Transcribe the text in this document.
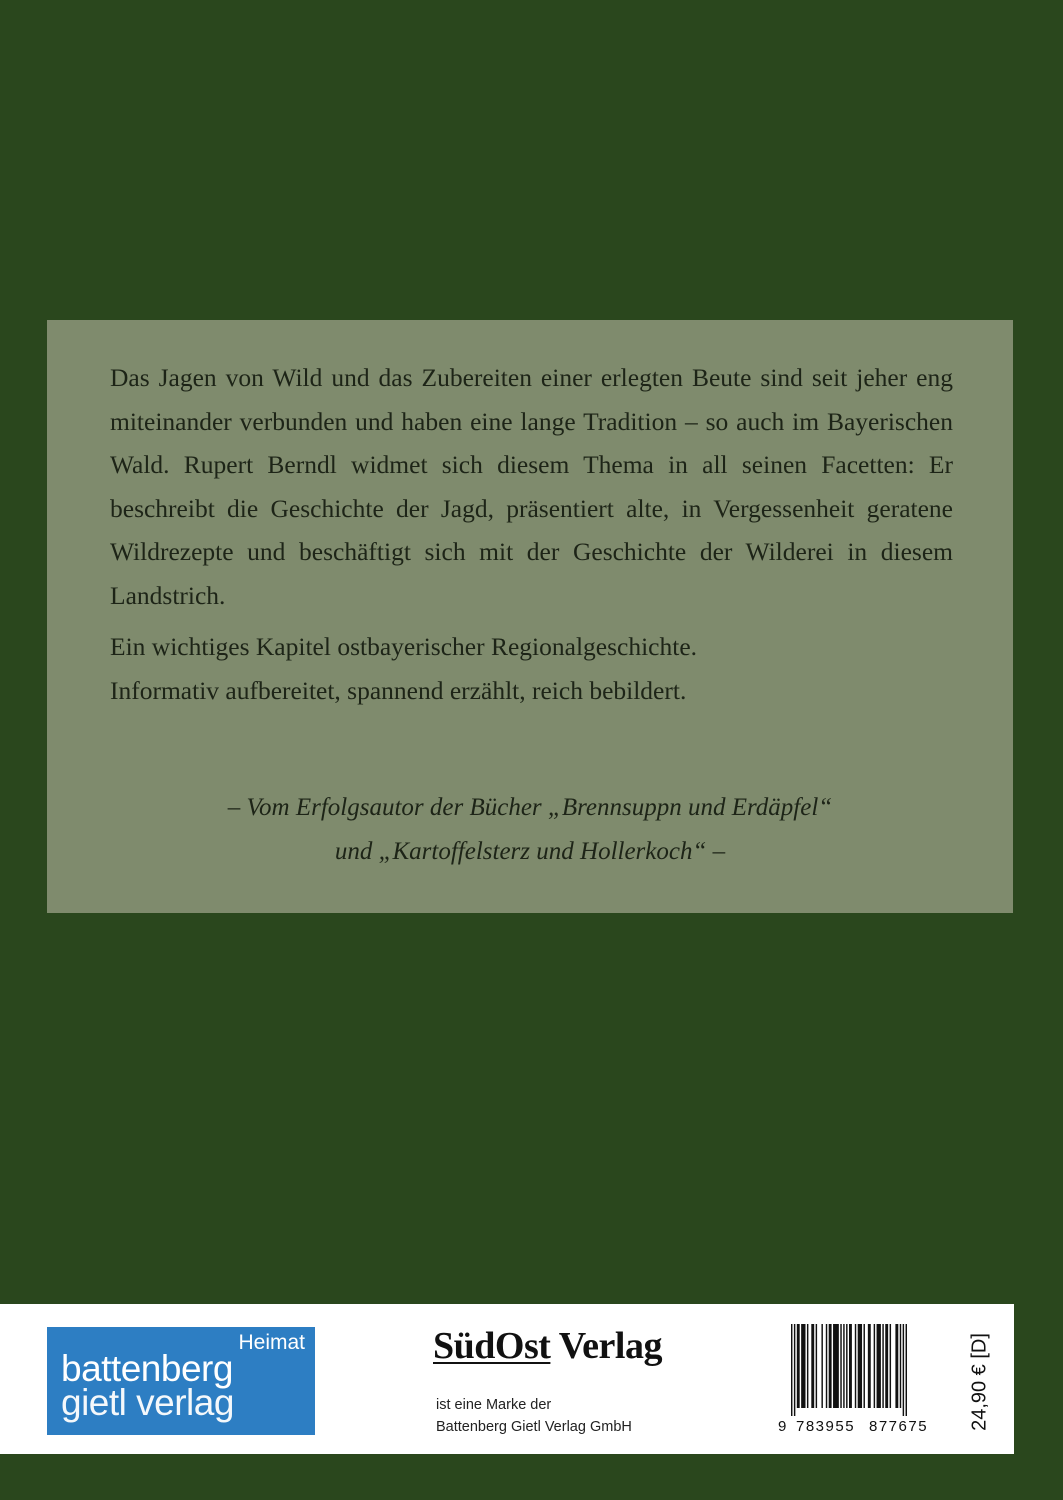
Das Jagen von Wild und das Zubereiten einer erlegten Beute sind seit jeher eng miteinander verbunden und haben eine lange Tradition – so auch im Bayerischen Wald. Rupert Berndl widmet sich diesem Thema in all seinen Facetten: Er beschreibt die Geschichte der Jagd, präsentiert alte, in Vergessenheit geratene Wildrezepte und beschäftigt sich mit der Geschichte der Wilderei in diesem Landstrich.

Ein wichtiges Kapitel ostbayerischer Regionalgeschichte.
Informativ aufbereitet, spannend erzählt, reich bebildert.

– Vom Erfolgsautor der Bücher „Brennsuppn und Erdäpfel“
und „Kartoffelsterz und Hollerkoch“ –
Heimat
battenberg
gietl verlag
SüdOst Verlag
ist eine Marke der
Battenberg Gietl Verlag GmbH	9 783955 877675 24,90 € [D]
